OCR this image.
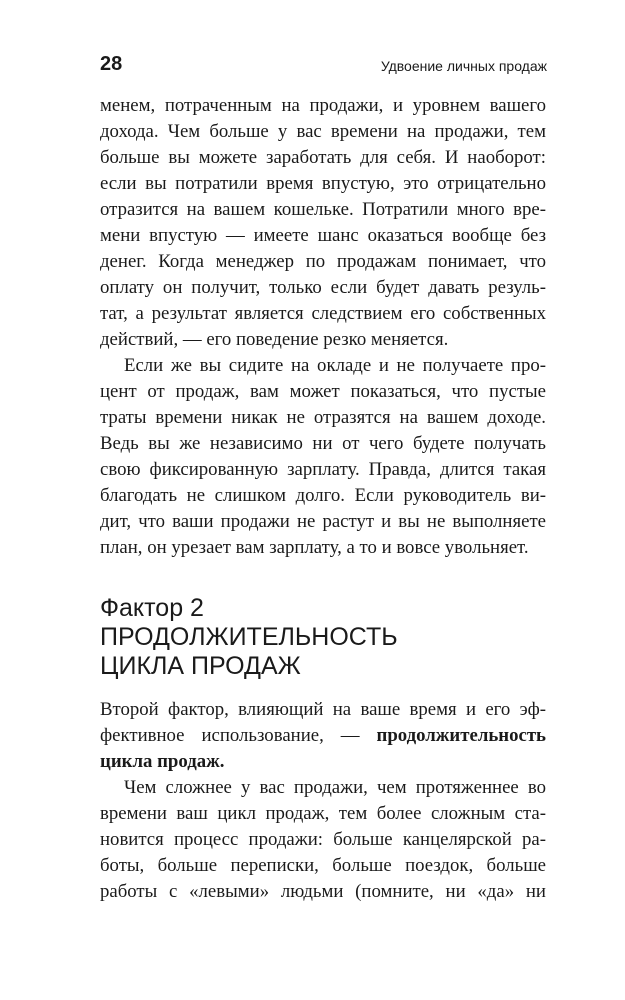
28	Удвоение личных продаж
менем, потраченным на продажи, и уровнем вашего
дохода. Чем больше у вас времени на продажи, тем
больше вы можете заработать для себя. И наоборот:
если вы потратили время впустую, это отрицательно
отразится на вашем кошельке. Потратили много вре-
мени впустую — имеете шанс оказаться вообще без
денег. Когда менеджер по продажам понимает, что
оплату он получит, только если будет давать резуль-
тат, а результат является следствием его собственных
действий, — его поведение резко меняется.
Если же вы сидите на окладе и не получаете про-
цент от продаж, вам может показаться, что пустые
траты времени никак не отразятся на вашем доходе.
Ведь вы же независимо ни от чего будете получать
свою фиксированную зарплату. Правда, длится такая
благодать не слишком долго. Если руководитель ви-
дит, что ваши продажи не растут и вы не выполняете
план, он урезает вам зарплату, а то и вовсе увольняет.
Фактор 2
ПРОДОЛЖИТЕЛЬНОСТЬ
ЦИКЛА ПРОДАЖ
Второй фактор, влияющий на ваше время и его эф-
фективное использование, — продолжительность
цикла продаж.
Чем сложнее у вас продажи, чем протяженнее во
времени ваш цикл продаж, тем более сложным ста-
новится процесс продажи: больше канцелярской ра-
боты, больше переписки, больше поездок, больше
работы с «левыми» людьми (помните, ни «да» ни
